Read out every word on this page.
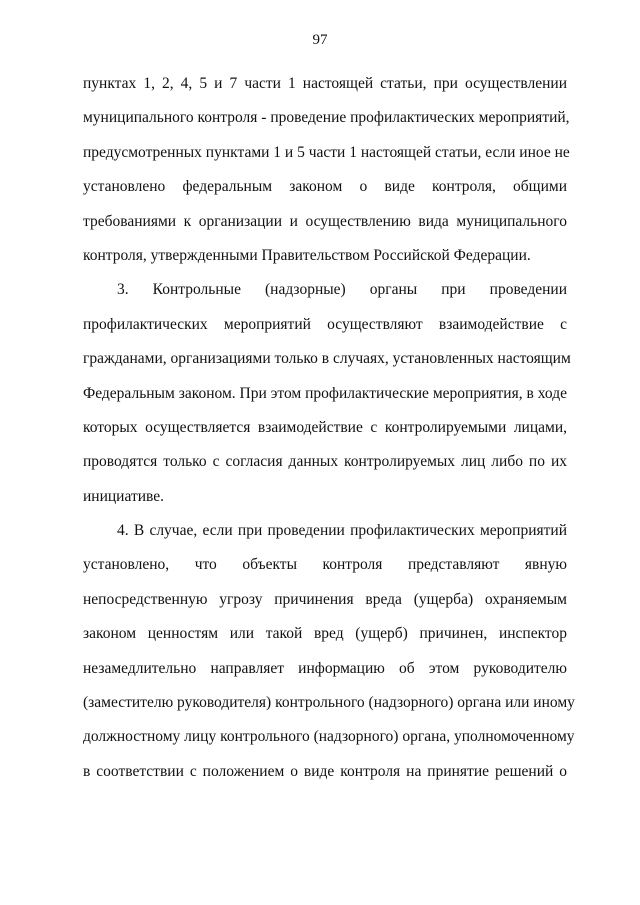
97
пунктах 1, 2, 4, 5 и 7 части 1 настоящей статьи, при осуществлении
муниципального контроля - проведение профилактических мероприятий,
предусмотренных пунктами 1 и 5 части 1 настоящей статьи, если иное не
установлено федеральным законом о виде контроля, общими
требованиями к организации и осуществлению вида муниципального
контроля, утвержденными Правительством Российской Федерации.
3. Контрольные (надзорные) органы при проведении
профилактических мероприятий осуществляют взаимодействие с
гражданами, организациями только в случаях, установленных настоящим
Федеральным законом. При этом профилактические мероприятия, в ходе
которых осуществляется взаимодействие с контролируемыми лицами,
проводятся только с согласия данных контролируемых лиц либо по их
инициативе.
4. В случае, если при проведении профилактических мероприятий
установлено, что объекты контроля представляют явную
непосредственную угрозу причинения вреда (ущерба) охраняемым
законом ценностям или такой вред (ущерб) причинен, инспектор
незамедлительно направляет информацию об этом руководителю
(заместителю руководителя) контрольного (надзорного) органа или иному
должностному лицу контрольного (надзорного) органа, уполномоченному
в соответствии с положением о виде контроля на принятие решений о
